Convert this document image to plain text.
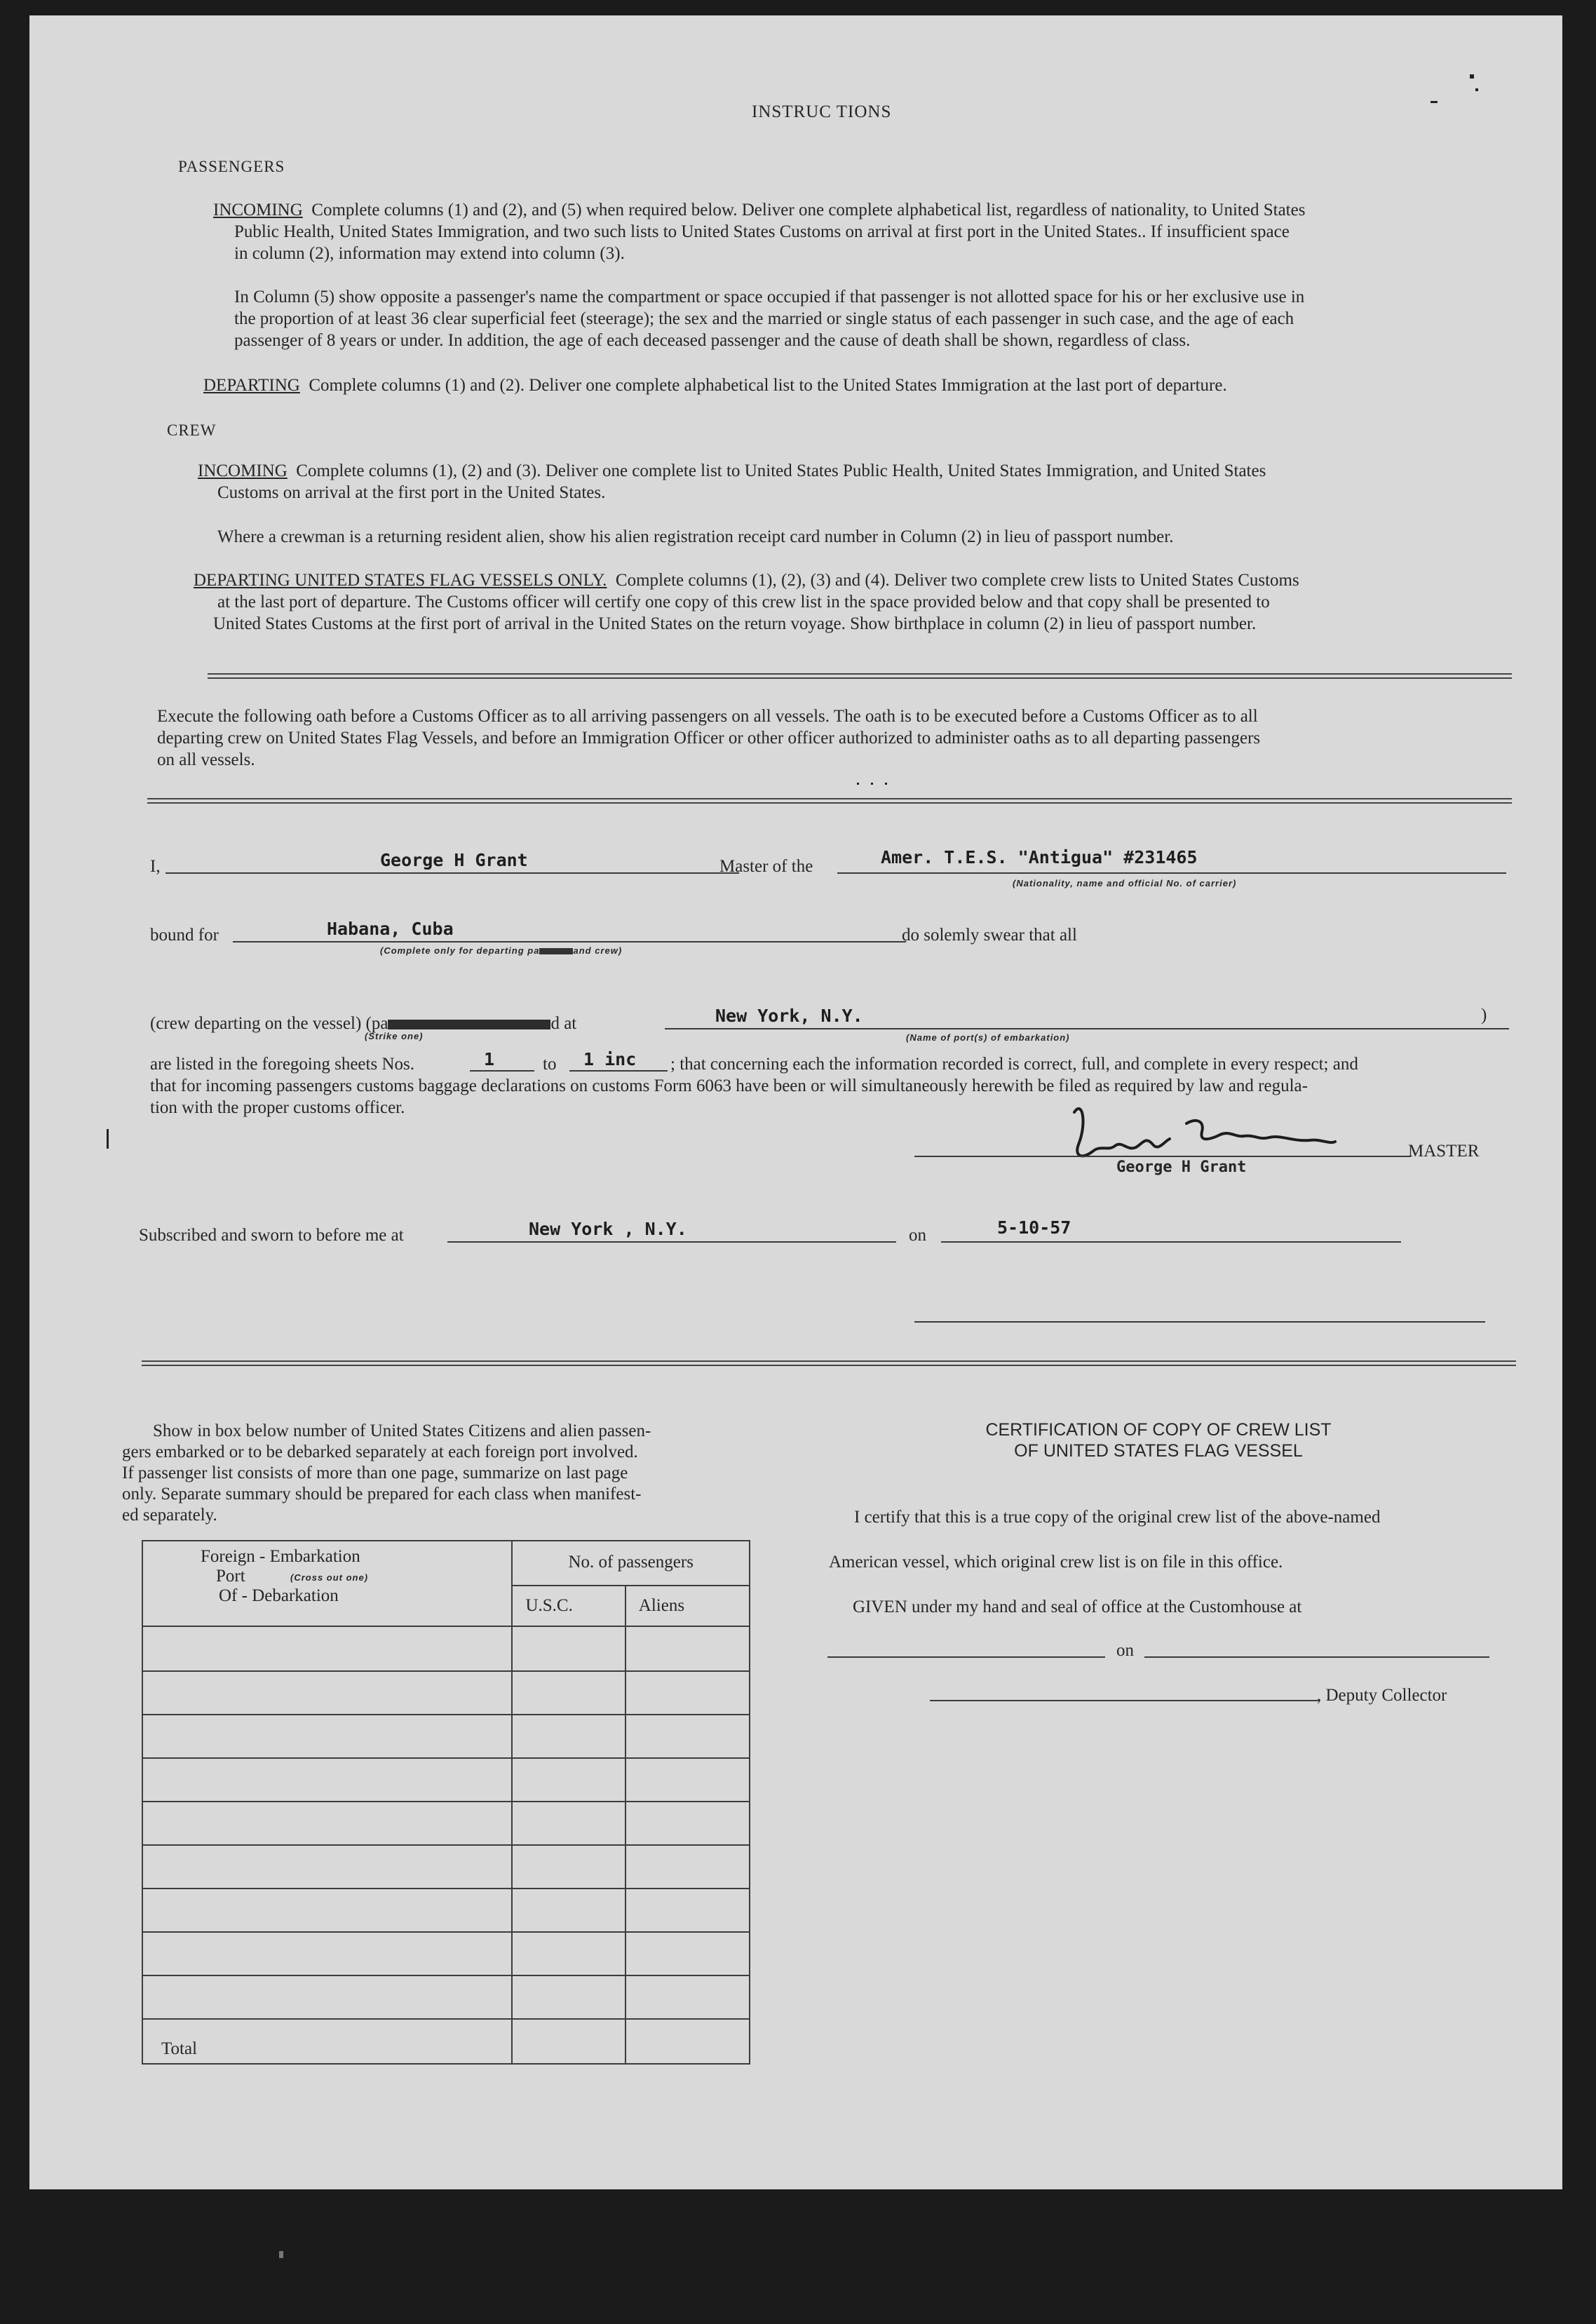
INSTRUC TIONS
PASSENGERS
INCOMING Complete columns (1) and (2), and (5) when required below. Deliver one complete alphabetical list, regardless of nationality, to United States
Public Health, United States Immigration, and two such lists to United States Customs on arrival at first port in the United States.. If insufficient space
in column (2), information may extend into column (3).
In Column (5) show opposite a passenger's name the compartment or space occupied if that passenger is not allotted space for his or her exclusive use in
the proportion of at least 36 clear superficial feet (steerage); the sex and the married or single status of each passenger in such case, and the age of each
passenger of 8 years or under. In addition, the age of each deceased passenger and the cause of death shall be shown, regardless of class.
DEPARTING Complete columns (1) and (2). Deliver one complete alphabetical list to the United States Immigration at the last port of departure.
CREW
INCOMING Complete columns (1), (2) and (3). Deliver one complete list to United States Public Health, United States Immigration, and United States
Customs on arrival at the first port in the United States.
Where a crewman is a returning resident alien, show his alien registration receipt card number in Column (2) in lieu of passport number.
DEPARTING UNITED STATES FLAG VESSELS ONLY. Complete columns (1), (2), (3) and (4). Deliver two complete crew lists to United States Customs
at the last port of departure. The Customs officer will certify one copy of this crew list in the space provided below and that copy shall be presented to
United States Customs at the first port of arrival in the United States on the return voyage. Show birthplace in column (2) in lieu of passport number.
Execute the following oath before a Customs Officer as to all arriving passengers on all vessels. The oath is to be executed before a Customs Officer as to all
departing crew on United States Flag Vessels, and before an Immigration Officer or other officer authorized to administer oaths as to all departing passengers
on all vessels.
I,	George H Grant	Master of the	Amer. T.E.S. "Antigua" #231465
(Nationality, name and official No. of carrier)
bound for	Habana, Cuba
(Complete only for departing pa	and crew)
do solemly swear that all
(crew departing on the vessel) (pa	d at
(Strike one)
New York, N.Y.
(Name of port(s) of embarkation)
)
are listed in the foregoing sheets Nos.	1	to 1 inc ; that concerning each the information recorded is correct, full, and complete in every respect; and
that for incoming passengers customs baggage declarations on customs Form 6063 have been or will simultaneously herewith be filed as required by law and regula-
tion with the proper customs officer.
George H Grant
MASTER
Subscribed and sworn to before me at	New York , N.Y.	on	5-10-57
Show in box below number of United States Citizens and alien passen-
gers embarked or to be debarked separately at each foreign port involved.
If passenger list consists of more than one page, summarize on last page
only. Separate summary should be prepared for each class when manifest-
ed separately.
Foreign - Embarkation
Port (Cross out one)
Of - Debarkation	No. of passengers	

	U.S.C.	Aliens

Total		

CERTIFICATION OF COPY OF CREW LIST
OF UNITED STATES FLAG VESSEL
I certify that this is a true copy of the original crew list of the above-named
American vessel, which original crew list is on file in this office.
GIVEN under my hand and seal of office at the Customhouse at
on
, Deputy Collector
